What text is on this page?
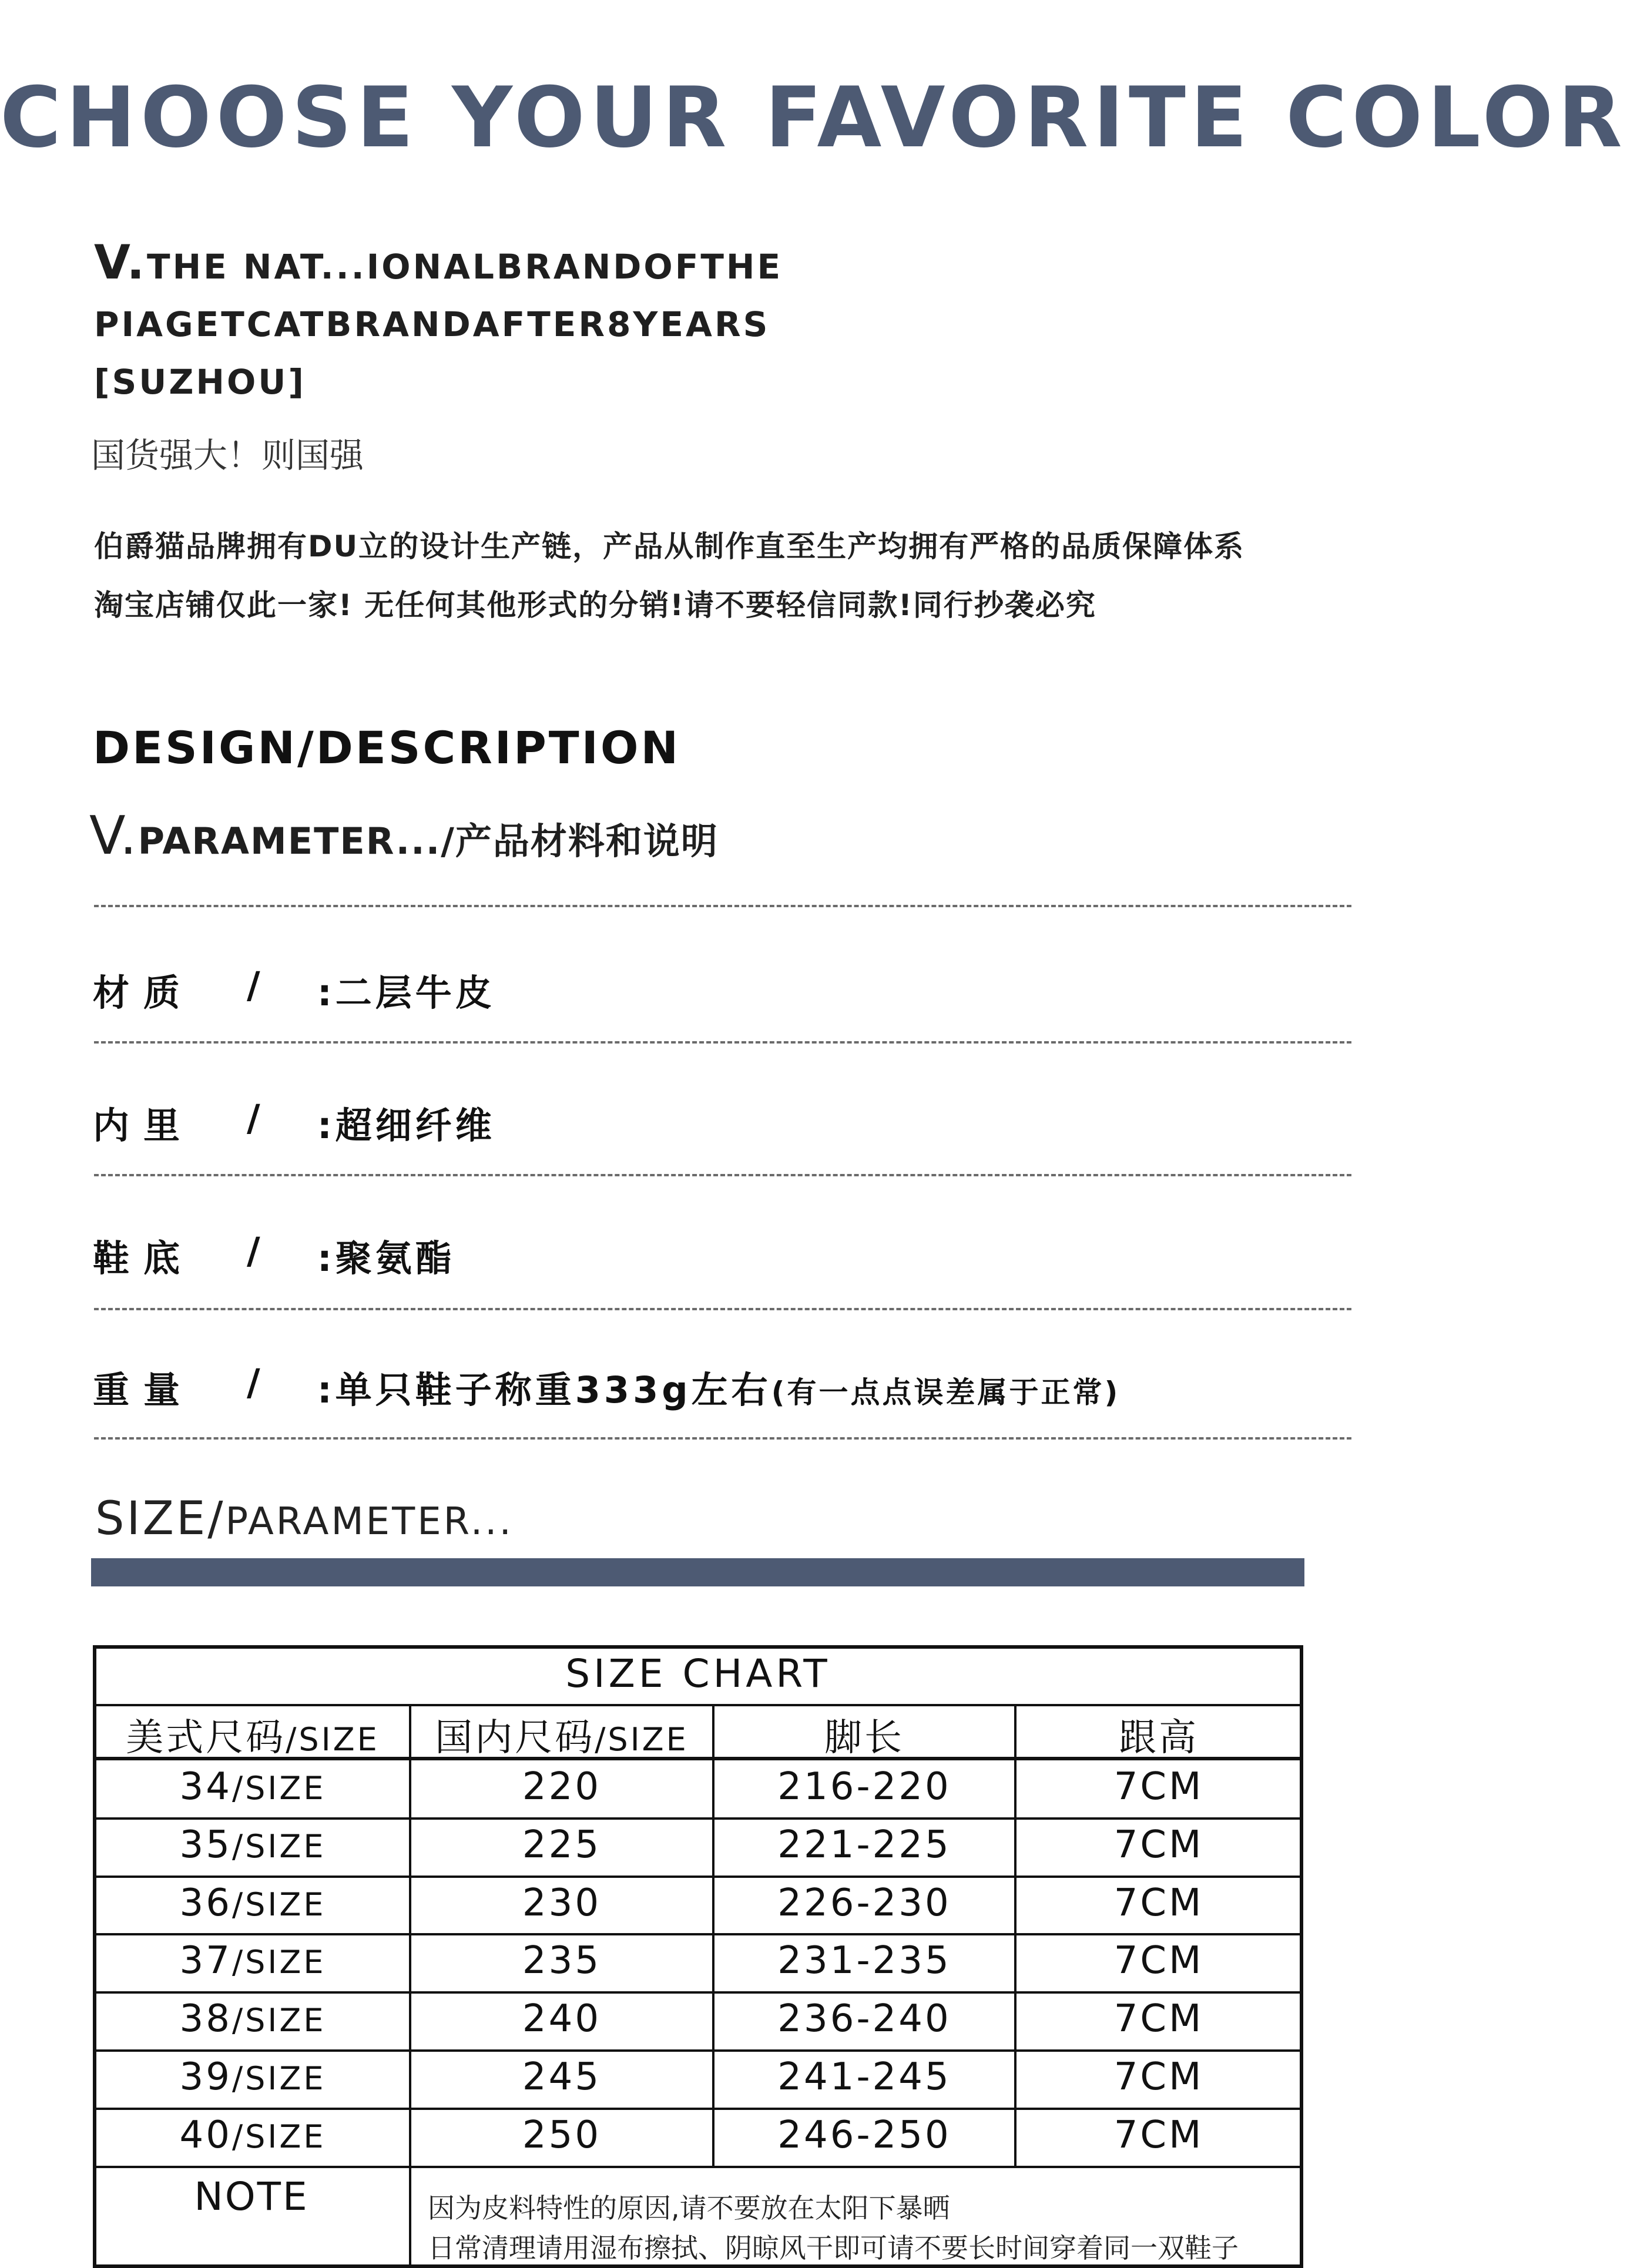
CHOOSE YOUR FAVORITE COLOR
V.THE NAT...IONALBRANDOFTHE
PIAGETCATBRANDAFTER8YEARS
[SUZHOU]
国货强大！则国强
伯爵猫品牌拥有DU立的设计生产链，产品从制作直至生产均拥有严格的品质保障体系
淘宝店铺仅此一家! 无任何其他形式的分销!请不要轻信同款!同行抄袭必究
DESIGN/DESCRIPTION
V.PARAMETER.../产品材料和说明
材质 / :二层牛皮
内里 / :超细纤维
鞋底 / :聚氨酯
重量 / :单只鞋子称重333g左右(有一点点误差属于正常)
SIZE/PARAMETER...
SIZE CHART
美式尺码/SIZE	国内尺码/SIZE	脚长	跟高
34/SIZE	220	216-220	7CM
35/SIZE	225	221-225	7CM
36/SIZE	230	226-230	7CM
37/SIZE	235	231-235	7CM
38/SIZE	240	236-240	7CM
39/SIZE	245	241-245	7CM
40/SIZE	250	246-250	7CM
NOTE	因为皮料特性的原因,请不要放在太阳下暴晒
日常清理请用湿布擦拭、阴晾风干即可请不要长时间穿着同一双鞋子
